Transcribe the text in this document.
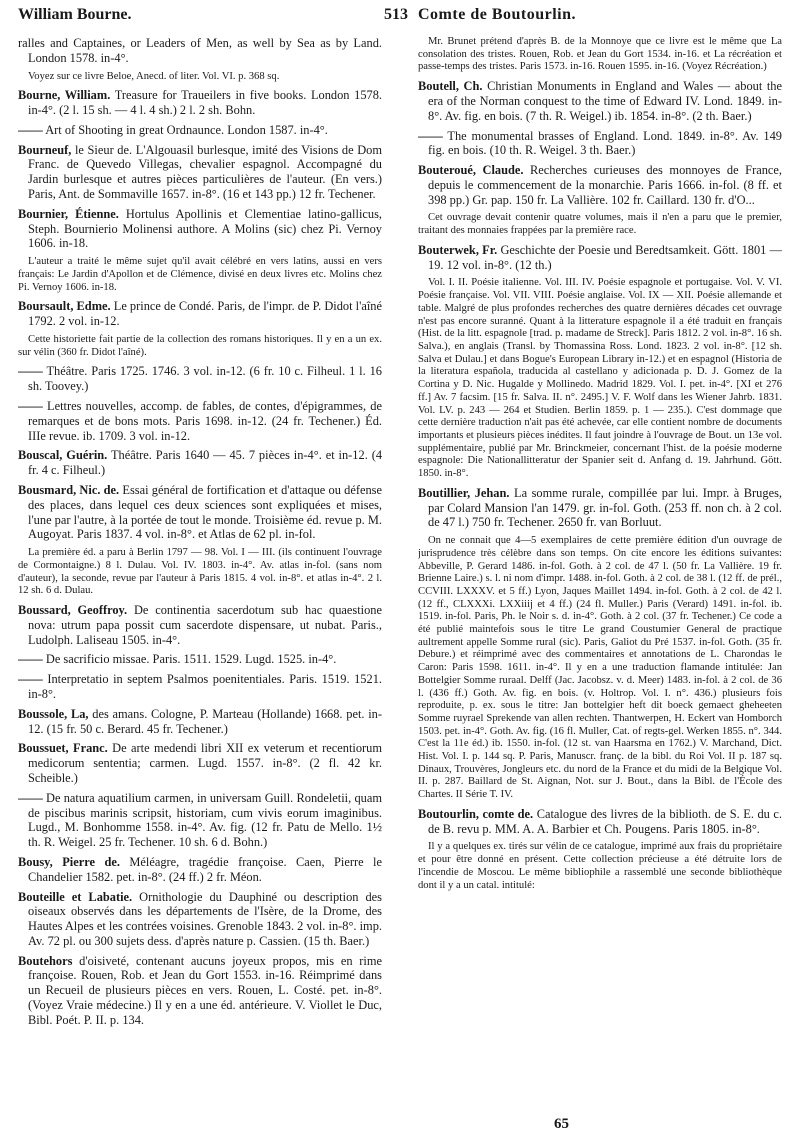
William Bourne.	513 Comte de Boutourlin.

ralles and Captaines, or Leaders of Men, as well by Sea as by Land. London 1578. in-4°.

Voyez sur ce livre Beloe, Anecd. of liter. Vol. VI. p. 368 sq.

Bourne, William. Treasure for Traueilers in five books. London 1578. in-4°. (2 l. 15 sh. — 4 l. 4 sh.) 2 l. 2 sh. Bohn.

—— Art of Shooting in great Ordnaunce. London 1587. in-4°.

Bourneuf, le Sieur de. L'Algouasil burlesque, imité des Visions de Dom Franc. de Quevedo Villegas, chevalier espagnol. Accompagné du Jardin burlesque et autres pièces particulières de l'auteur. (En vers.) Paris, Ant. de Sommaville 1657. in-8°. (16 et 143 pp.) 12 fr. Techener.

Bournier, Étienne. Hortulus Apollinis et Clementiae latino-gallicus, Steph. Bournierio Molinensi authore. A Molins (sic) chez Pi. Vernoy 1606. in-18.

L'auteur a traité le même sujet qu'il avait célébré en vers latins, aussi en vers français: Le Jardin d'Apollon et de Clémence, divisé en deux livres etc. Molins chez Pi. Vernoy 1606. in-18.

Boursault, Edme. Le prince de Condé. Paris, de l'impr. de P. Didot l'aîné 1792. 2 vol. in-12.

Cette historiette fait partie de la collection des romans historiques. Il y en a un ex. sur vélin (360 fr. Didot l'aîné).

—— Théâtre. Paris 1725. 1746. 3 vol. in-12. (6 fr. 10 c. Filheul. 1 l. 16 sh. Toovey.)

—— Lettres nouvelles, accomp. de fables, de contes, d'épigrammes, de remarques et de bons mots. Paris 1698. in-12. (24 fr. Techener.) Éd. IIIe revue. ib. 1709. 3 vol. in-12.

Bouscal, Guérin. Théâtre. Paris 1640 — 45. 7 pièces in-4°. et in-12. (4 fr. 4 c. Filheul.)

Bousmard, Nic. de. Essai général de fortification et d'attaque ou défense des places, dans lequel ces deux sciences sont expliquées et mises, l'une par l'autre, à la portée de tout le monde. Troisième éd. revue p. M. Augoyat. Paris 1837. 4 vol. in-8°. et Atlas de 62 pl. in-fol.

La première éd. a paru à Berlin 1797 — 98. Vol. I — III. (ils continuent l'ouvrage de Cormontaigne.) 8 l. Dulau. Vol. IV. 1803. in-4°. Av. atlas in-fol. (sans nom d'auteur), la seconde, revue par l'auteur à Paris 1815. 4 vol. in-8°. et atlas in-4°. 2 l. 12 sh. 6 d. Dulau.

Boussard, Geoffroy. De continentia sacerdotum sub hac quaestione nova: utrum papa possit cum sacerdote dispensare, ut nubat. Paris., Ludolph. Laliseau 1505. in-4°.

—— De sacrificio missae. Paris. 1511. 1529. Lugd. 1525. in-4°.

—— Interpretatio in septem Psalmos poenitentiales. Paris. 1519. 1521. in-8°.

Boussole, La, des amans. Cologne, P. Marteau (Hollande) 1668. pet. in-12. (15 fr. 50 c. Berard. 45 fr. Techener.)

Boussuet, Franc. De arte medendi libri XII ex veterum et recentiorum medicorum sententia; carmen. Lugd. 1557. in-8°. (2 fl. 42 kr. Scheible.)

—— De natura aquatilium carmen, in universam Guill. Rondeletii, quam de piscibus marinis scripsit, historiam, cum vivis eorum imaginibus. Lugd., M. Bonhomme 1558. in-4°. Av. fig. (12 fr. Patu de Mello. 1½ th. R. Weigel. 25 fr. Techener. 10 sh. 6 d. Bohn.)

Bousy, Pierre de. Méléagre, tragédie françoise. Caen, Pierre le Chandelier 1582. pet. in-8°. (24 ff.) 2 fr. Méon.

Bouteille et Labatie. Ornithologie du Dauphiné ou description des oiseaux observés dans les départements de l'Isère, de la Drome, des Hautes Alpes et les contrées voisines. Grenoble 1843. 2 vol. in-8°. imp. Av. 72 pl. ou 300 sujets dess. d'après nature p. Cassien. (15 th. Baer.)

Boutehors d'oisiveté, contenant aucuns joyeux propos, mis en rime françoise. Rouen, Rob. et Jean du Gort 1553. in-16. Réimprimé dans un Recueil de plusieurs pièces en vers. Rouen, L. Costé. pet. in-8°. (Voyez Vraie médecine.) Il y en a une éd. antérieure. V. Viollet le Duc, Bibl. Poét. P. II. p. 134.

Mr. Brunet prétend d'après B. de la Monnoye que ce livre est le même que La consolation des tristes. Rouen, Rob. et Jean du Gort 1534. in-16. et La récréation et passe-temps des tristes. Paris 1573. in-16. Rouen 1595. in-16. (Voyez Récréation.)

Boutell, Ch. Christian Monuments in England and Wales — about the era of the Norman conquest to the time of Edward IV. Lond. 1849. in-8°. Av. fig. en bois. (7 th. R. Weigel.) ib. 1854. in-8°. (2 th. Baer.)

—— The monumental brasses of England. Lond. 1849. in-8°. Av. 149 fig. en bois. (10 th. R. Weigel. 3 th. Baer.)

Bouteroué, Claude. Recherches curieuses des monnoyes de France, depuis le commencement de la monarchie. Paris 1666. in-fol. (8 ff. et 398 pp.) Gr. pap. 150 fr. La Vallière. 102 fr. Caillard. 130 fr. d'O...

Cet ouvrage devait contenir quatre volumes, mais il n'en a paru que le premier, traitant des monnaies frappées par la première race.

Bouterwek, Fr. Geschichte der Poesie und Beredtsamkeit. Gött. 1801 — 19. 12 vol. in-8°. (12 th.)

Vol. I. II. Poésie italienne. Vol. III. IV. Poésie espagnole et portugaise. Vol. V. VI. Poésie française. Vol. VII. VIII. Poésie anglaise. Vol. IX — XII. Poésie allemande et table. Malgré de plus profondes recherches des quatre dernières décades cet ouvrage n'est pas encore suranné. Quant à la litterature espagnole il a été traduit en français (Hist. de la litt. espagnole [trad. p. madame de Streck]. Paris 1812. 2 vol. in-8°. 16 sh. Salva.), en anglais (Transl. by Thomassina Ross. Lond. 1823. 2 vol. in-8°. [12 sh. Salva et Dulau.] et dans Bogue's European Library in-12.) et en espagnol (Historia de la literatura española, traducida al castellano y adicionada p. D. J. Gomez de la Cortina y D. Nic. Hugalde y Mollinedo. Madrid 1829. Vol. I. pet. in-4°. [XI et 276 ff.] Av. 7 facsim. [15 fr. Salva. II. n°. 2495.] V. F. Wolf dans les Wiener Jahrb. 1831. Vol. LV. p. 243 — 264 et Studien. Berlin 1859. p. 1 — 235.). C'est dommage que cette dernière traduction n'ait pas été achevée, car elle contient nombre de documents importants et plusieurs pièces inédites. Il faut joindre à l'ouvrage de Bout. un 13e vol. supplémentaire, publié par Mr. Brinckmeier, concernant l'hist. de la poésie moderne espagnole: Die Nationallitteratur der Spanier seit d. Anfang d. 19. Jahrhund. Gött. 1850. in-8°.

Boutillier, Jehan. La somme rurale, compillée par lui. Impr. à Bruges, par Colard Mansion l'an 1479. gr. in-fol. Goth. (253 ff. non ch. à 2 col. de 47 l.) 750 fr. Techener. 2650 fr. van Borluut.

On ne connait que 4—5 exemplaires de cette première édition d'un ouvrage de jurisprudence très célèbre dans son temps. On cite encore les éditions suivantes: Abbeville, P. Gerard 1486. in-fol. Goth. à 2 col. de 47 l. (50 fr. La Vallière. 19 fr. Brienne Laire.) s. l. ni nom d'impr. 1488. in-fol. Goth. à 2 col. de 38 l. (12 ff. de prél., CCVIII. LXXXV. et 5 ff.) Lyon, Jaques Maillet 1494. in-fol. Goth. à 2 col. de 42 l. (12 ff., CLXXXi. LXXiiij et 4 ff.) (24 fl. Muller.) Paris (Verard) 1491. in-fol. ib. 1519. in-fol. Paris, Ph. le Noir s. d. in-4°. Goth. à 2 col. (37 fr. Techener.) Ce code a été publié maintefois sous le titre Le grand Coustumier General de practique aultrement appelle Somme rural (sic). Paris, Galiot du Pré 1537. in-fol. Goth. (35 fr. Debure.) et réimprimé avec des commentaires et annotations de L. Charondas le Caron: Paris 1598. 1611. in-4°. Il y en a une traduction flamande intitulée: Jan Bottelgier Somme ruraal. Delff (Jac. Jacobsz. v. d. Meer) 1483. in-fol. à 2 col. de 36 l. (436 ff.) Goth. Av. fig. en bois. (v. Holtrop. Vol. I. n°. 436.) plusieurs fois reproduite, p. ex. sous le titre: Jan bottelgier heft dit boeck gemaect gheheeten Somme ruyrael Sprekende van allen rechten. Thantwerpen, H. Eckert van Homborch 1503. pet. in-4°. Goth. Av. fig. (16 fl. Muller, Cat. of regts-gel. Werken 1855. n°. 344. C'est la 11e éd.) ib. 1550. in-fol. (12 st. van Haarsma en 1762.) V. Marchand, Dict. Hist. Vol. I. p. 144 sq. P. Paris, Manuscr. franç. de la bibl. du Roi Vol. II p. 187 sq. Dinaux, Trouvères, Jongleurs etc. du nord de la France et du midi de la Belgique Vol. II. p. 287. Baillard de St. Aignan, Not. sur J. Bout., dans la Bibl. de l'École des Chartes. II Série T. IV.

Boutourlin, comte de. Catalogue des livres de la biblioth. de S. E. du c. de B. revu p. MM. A. A. Barbier et Ch. Pougens. Paris 1805. in-8°.

Il y a quelques ex. tirés sur vélin de ce catalogue, imprimé aux frais du propriétaire et pour être donné en présent. Cette collection précieuse a été détruite lors de l'incendie de Moscou. Le même bibliophile a rassemblé une seconde bibliothèque dont il y a un catal. intitulé:

65
